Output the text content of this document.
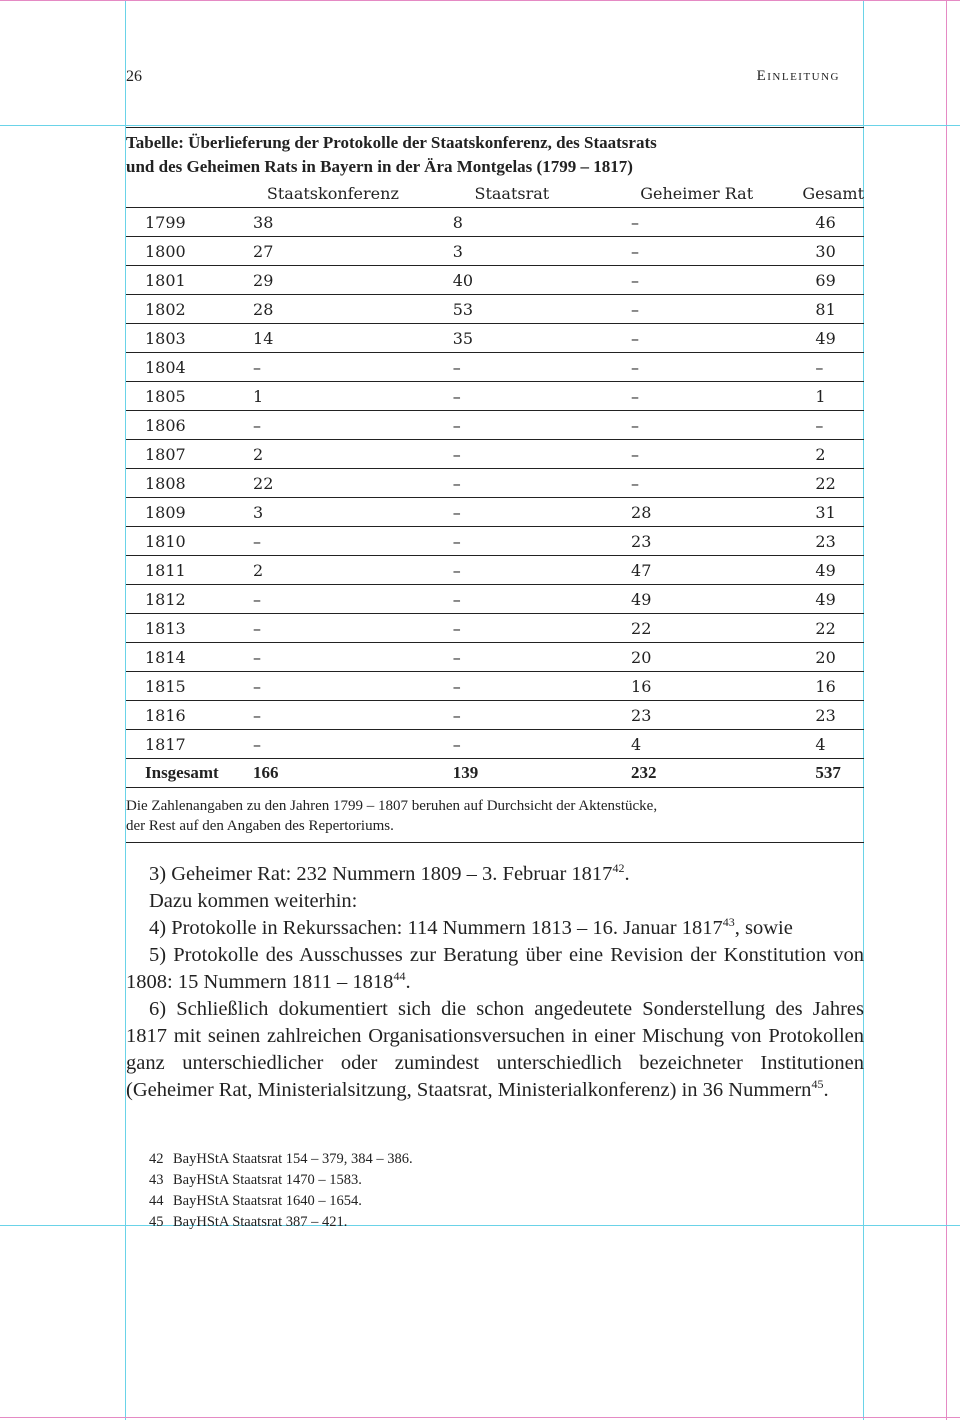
26	Einleitung
Tabelle: Überlieferung der Protokolle der Staatskonferenz, des Staatsrats
und des Geheimen Rats in Bayern in der Ära Montgelas (1799 – 1817)
	Staatskonferenz	Staatsrat	Geheimer Rat	Gesamt
1799	38	8	–	46
1800	27	3	–	30
1801	29	40	–	69
1802	28	53	–	81
1803	14	35	–	49
1804	–	–	–	–
1805	1	–	–	1
1806	–	–	–	–
1807	2	–	–	2
1808	22	–	–	22
1809	3	–	28	31
1810	–	–	23	23
1811	2	–	47	49
1812	–	–	49	49
1813	–	–	22	22
1814	–	–	20	20
1815	–	–	16	16
1816	–	–	23	23
1817	–	–	4	4
Insgesamt	166	139	232	537
Die Zahlenangaben zu den Jahren 1799 – 1807 beruhen auf Durchsicht der Aktenstücke,
der Rest auf den Angaben des Repertoriums.

3) Geheimer Rat: 232 Nummern 1809 – 3. Februar 1817$^{42}$.

Dazu kommen weiterhin:

4) Protokolle in Rekurssachen: 114 Nummern 1813 – 16. Januar 1817$^{43}$, sowie

5) Protokolle des Ausschusses zur Beratung über eine Revision der Konstitution von 1808: 15 Nummern 1811 – 1818$^{44}$.

6) Schließlich dokumentiert sich die schon angedeutete Sonderstellung des Jahres 1817 mit seinen zahlreichen Organisationsversuchen in einer Mischung von Protokollen ganz unterschiedlicher oder zumindest unterschiedlich bezeichneter Institutionen (Geheimer Rat, Ministerialsitzung, Staatsrat, Ministerialkonferenz) in 36 Nummern$^{45}$.

42 BayHStA Staatsrat 154 – 379, 384 – 386.
43 BayHStA Staatsrat 1470 – 1583.
44 BayHStA Staatsrat 1640 – 1654.
45 BayHStA Staatsrat 387 – 421.
